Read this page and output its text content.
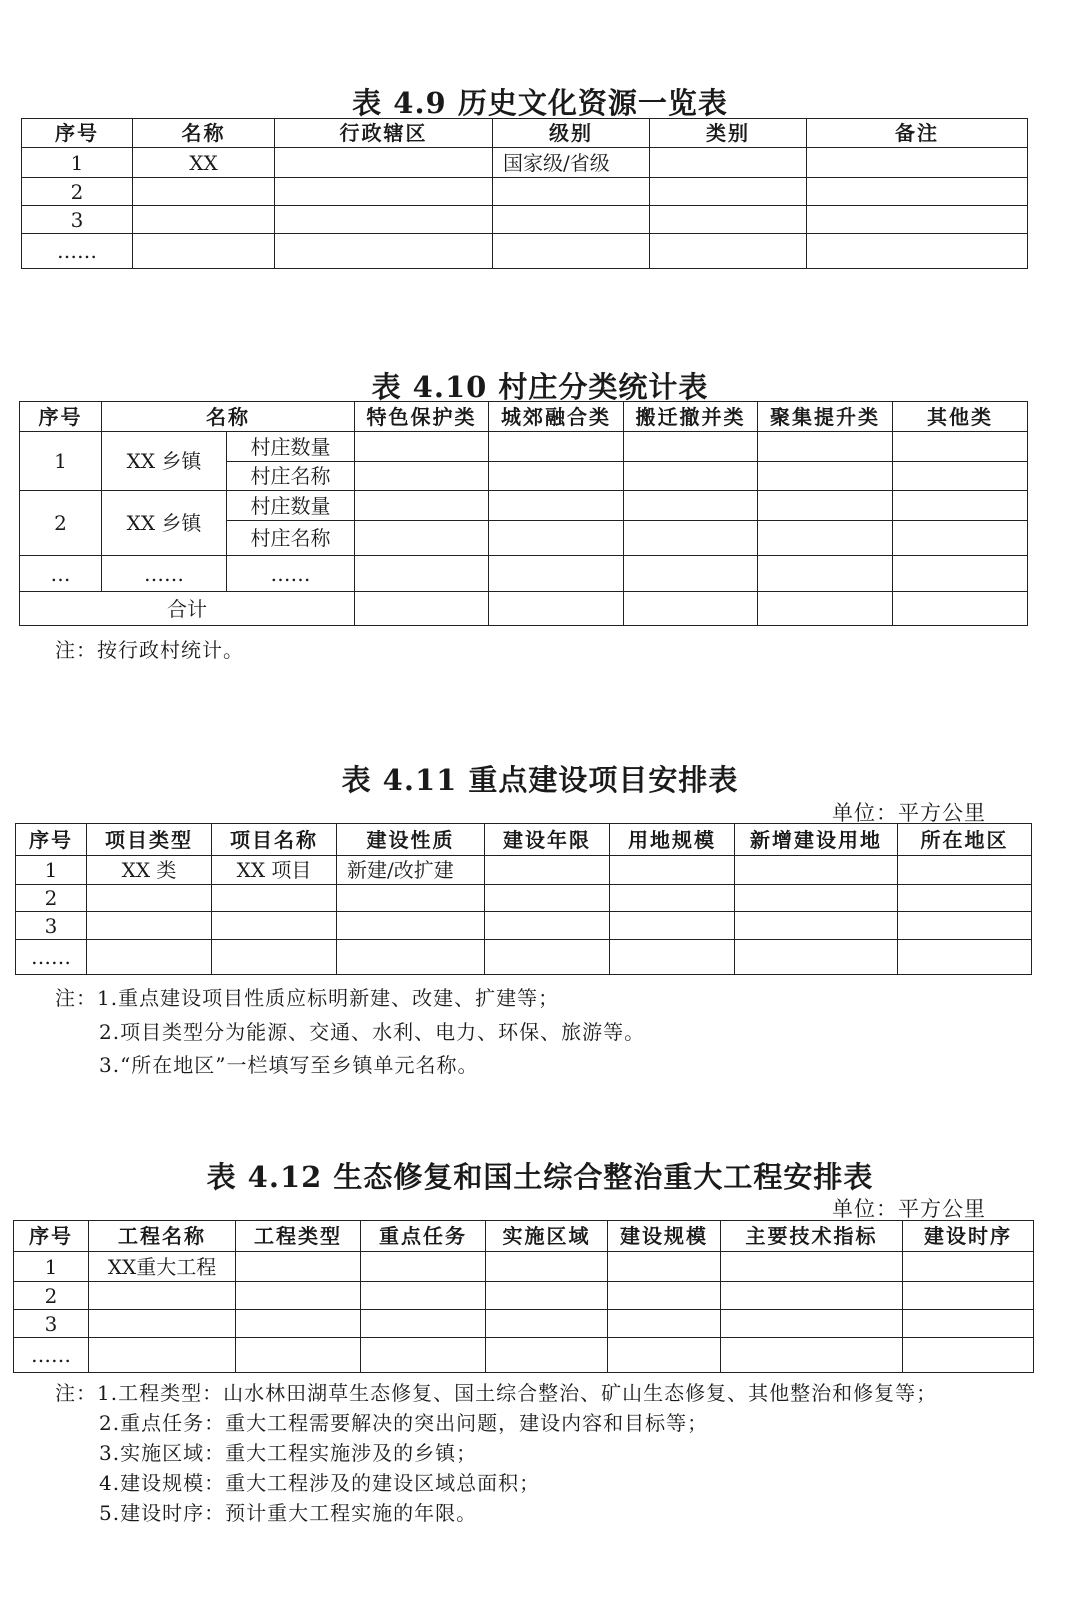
表 4.9 历史文化资源一览表
序号	名称	行政辖区	级别	类别	备注
1	XX		国家级/省级		
2					
3					
……					
表 4.10 村庄分类统计表
序号	名称		特色保护类	城郊融合类	搬迁撤并类	聚集提升类	其他类
1	XX 乡镇	村庄数量					
		村庄名称					
2	XX 乡镇	村庄数量					
		村庄名称					
…	……	……					
合计							
注：按行政村统计。
表 4.11 重点建设项目安排表
单位：平方公里
序号	项目类型	项目名称	建设性质	建设年限	用地规模	新增建设用地	所在地区
1	XX 类	XX 项目	新建/改扩建				
2							
3							
……							
注：1.重点建设项目性质应标明新建、改建、扩建等；
2.项目类型分为能源、交通、水利、电力、环保、旅游等。
3.“所在地区”一栏填写至乡镇单元名称。
表 4.12 生态修复和国土综合整治重大工程安排表
单位：平方公里
序号	工程名称	工程类型	重点任务	实施区域	建设规模	主要技术指标	建设时序
1	XX重大工程						
2							
3							
……							
注：1.工程类型：山水林田湖草生态修复、国土综合整治、矿山生态修复、其他整治和修复等；
2.重点任务：重大工程需要解决的突出问题，建设内容和目标等；
3.实施区域：重大工程实施涉及的乡镇；
4.建设规模：重大工程涉及的建设区域总面积；
5.建设时序：预计重大工程实施的年限。
